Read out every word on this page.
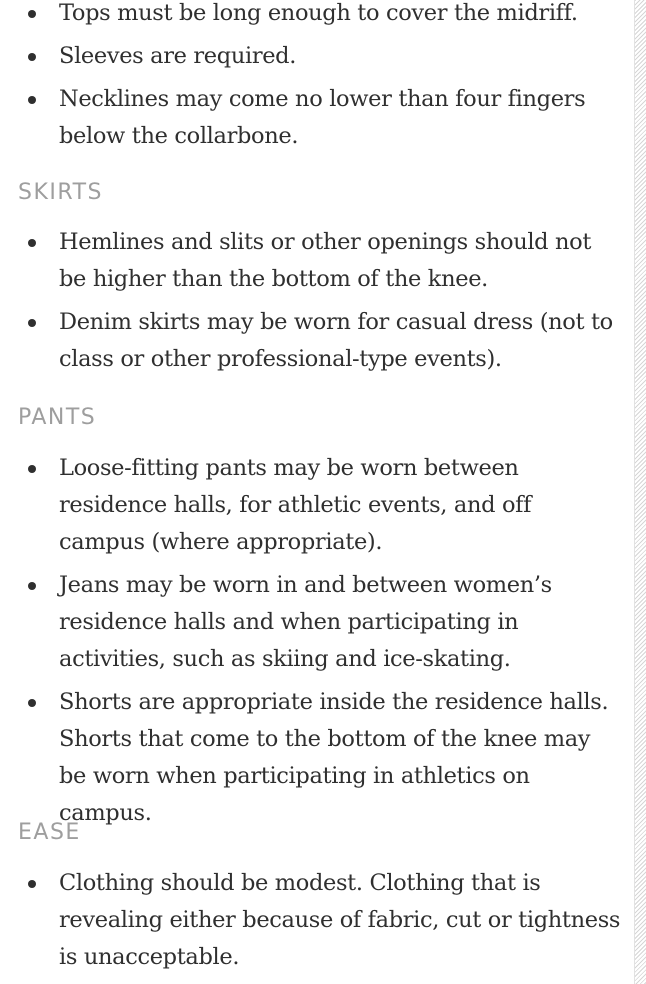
Tops must be long enough to cover the midriff.
Sleeves are required.
Necklines may come no lower than four fingers below the collarbone.
SKIRTS
Hemlines and slits or other openings should not be higher than the bottom of the knee.
Denim skirts may be worn for casual dress (not to class or other professional-type events).
PANTS
Loose-fitting pants may be worn between residence halls, for athletic events, and off campus (where appropriate).
Jeans may be worn in and between women’s residence halls and when participating in activities, such as skiing and ice-skating.
Shorts are appropriate inside the residence halls. Shorts that come to the bottom of the knee may be worn when participating in athletics on campus.
EASE
Clothing should be modest. Clothing that is revealing either because of fabric, cut or tightness is unacceptable.
